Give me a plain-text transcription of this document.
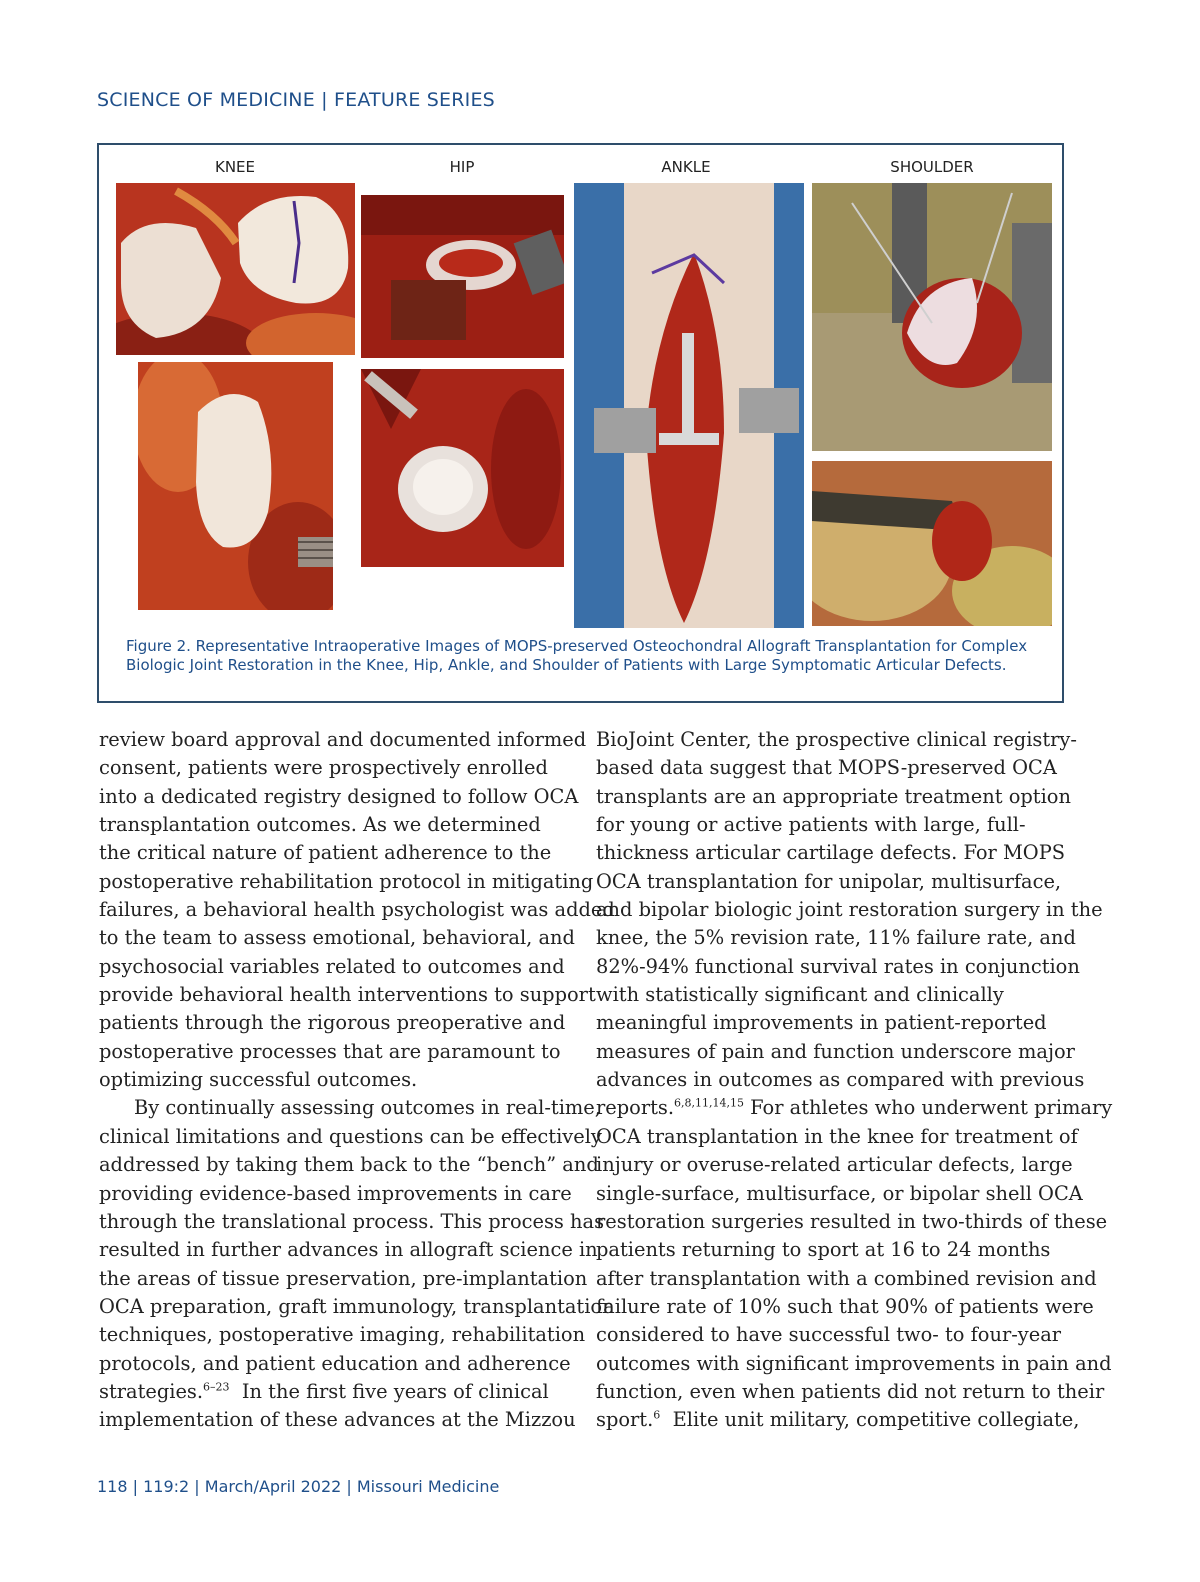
SCIENCE OF MEDICINE | FEATURE SERIES
KNEE	HIP	ANKLE	SHOULDER
Figure 2. Representative Intraoperative Images of MOPS-preserved Osteochondral Allograft Transplantation for Complex Biologic Joint Restoration in the Knee, Hip, Ankle, and Shoulder of Patients with Large Symptomatic Articular Defects.
review board approval and documented informed
consent, patients were prospectively enrolled
into a dedicated registry designed to follow OCA
transplantation outcomes. As we determined
the critical nature of patient adherence to the
postoperative rehabilitation protocol in mitigating
failures, a behavioral health psychologist was added
to the team to assess emotional, behavioral, and
psychosocial variables related to outcomes and
provide behavioral health interventions to support
patients through the rigorous preoperative and
postoperative processes that are paramount to
optimizing successful outcomes.
By continually assessing outcomes in real-time,
clinical limitations and questions can be effectively
addressed by taking them back to the “bench” and
providing evidence-based improvements in care
through the translational process. This process has
resulted in further advances in allograft science in
the areas of tissue preservation, pre-implantation
OCA preparation, graft immunology, transplantation
techniques, postoperative imaging, rehabilitation
protocols, and patient education and adherence
strategies.$^{6-23}$  In the first five years of clinical
implementation of these advances at the Mizzou
BioJoint Center, the prospective clinical registry-
based data suggest that MOPS-preserved OCA
transplants are an appropriate treatment option
for young or active patients with large, full-
thickness articular cartilage defects. For MOPS
OCA transplantation for unipolar, multisurface,
and bipolar biologic joint restoration surgery in the
knee, the 5% revision rate, 11% failure rate, and
82%-94% functional survival rates in conjunction
with statistically significant and clinically
meaningful improvements in patient-reported
measures of pain and function underscore major
advances in outcomes as compared with previous
reports.$^{6,8,11,14,15}$ For athletes who underwent primary
OCA transplantation in the knee for treatment of
injury or overuse-related articular defects, large
single-surface, multisurface, or bipolar shell OCA
restoration surgeries resulted in two-thirds of these
patients returning to sport at 16 to 24 months
after transplantation with a combined revision and
failure rate of 10% such that 90% of patients were
considered to have successful two- to four-year
outcomes with significant improvements in pain and
function, even when patients did not return to their
sport.$^6$  Elite unit military, competitive collegiate,
118 | 119:2 | March/April 2022 | Missouri Medicine
